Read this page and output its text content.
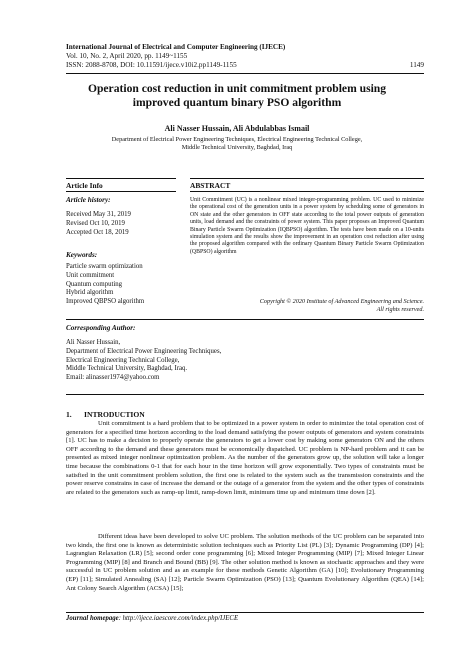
International Journal of Electrical and Computer Engineering (IJECE)
Vol. 10, No. 2, April 2020, pp. 1149~1155
ISSN: 2088-8708, DOI: 10.11591/ijece.v10i2.pp1149-1155	1149
Operation cost reduction in unit commitment problem using
improved quantum binary PSO algorithm
Ali Nasser Hussain, Ali Abdulabbas Ismail
Department of Electrical Power Engineering Techniques, Electrical Engineering Technical College,
Middle Technical University, Baghdad, Iraq
Article Info	ABSTRACT
Article history:
Received May 31, 2019
Revised Oct 10, 2019
Accepted Oct 18, 2019
Keywords:
Particle swarm optimization
Unit commitment
Quantum computing
Hybrid algorithm
Improved QBPSO algorithm
Unit Commitment (UC) is a nonlinear mixed integer-programming problem. UC used to minimize the operational cost of the generation units in a power system by scheduling some of generators in ON state and the other generators in OFF state according to the total power outputs of generation units, load demand and the constraints of power system. This paper proposes an Improved Quantum Binary Particle Swarm Optimization (IQBPSO) algorithm. The tests have been made on a 10-units simulation system and the results show the improvement in an operation cost reduction after using the proposed algorithm compared with the ordinary Quantum Binary Particle Swarm Optimization (QBPSO) algorithm
Copyright © 2020 Institute of Advanced Engineering and Science.
All rights reserved.
Corresponding Author:
Ali Nasser Hussain,
Department of Electrical Power Engineering Techniques,
Electrical Engineering Technical College,
Middle Technical University, Baghdad, Iraq.
Email: alinasser1974@yahoo.com
1. INTRODUCTION
Unit commitment is a hard problem that to be optimized in a power system in order to minimize the total operation cost of generators for a specified time horizon according to the load demand satisfying the power outputs of generators and system constraints [1]. UC has to make a decision to properly operate the generators to get a lower cost by making some generators ON and the others OFF according to the demand and these generators must be economically dispatched. UC problem is NP-hard problem and it can be presented as mixed integer nonlinear optimization problem. As the number of the generators grow up, the solution will take a longer time because the combinations 0-1 that for each hour in the time horizon will grow exponentially. Two types of constraints must be satisfied in the unit commitment problem solution, the first one is related to the system such as the transmission constraints and the power reserve constrains in case of increase the demand or the outage of a generator from the system and the other types of constraints are related to the generators such as ramp-up limit, ramp-down limit, minimum time up and minimum time down [2].
Different ideas have been developed to solve UC problem. The solution methods of the UC problem can be separated into two kinds, the first one is known as deterministic solution techniques such as Priority List (PL) [3]; Dynamic Programming (DP) [4]; Lagrangian Relaxation (LR) [5]; second order cone programming [6]; Mixed Integer Programming (MIP) [7]; Mixed Integer Linear Programming (MIP) [8] and Branch and Bound (BB) [9]. The other solution method is known as stochastic approaches and they were successful in UC problem solution and as an example for these methods Genetic Algorithm (GA) [10]; Evolutionary Programming (EP) [11]; Simulated Annealing (SA) [12]; Particle Swarm Optimization (PSO) [13]; Quantum Evolutionary Algorithm (QEA) [14]; Ant Colony Search Algorithm (ACSA) [15];
Journal homepage: http://ijece.iaescore.com/index.php/IJECE
